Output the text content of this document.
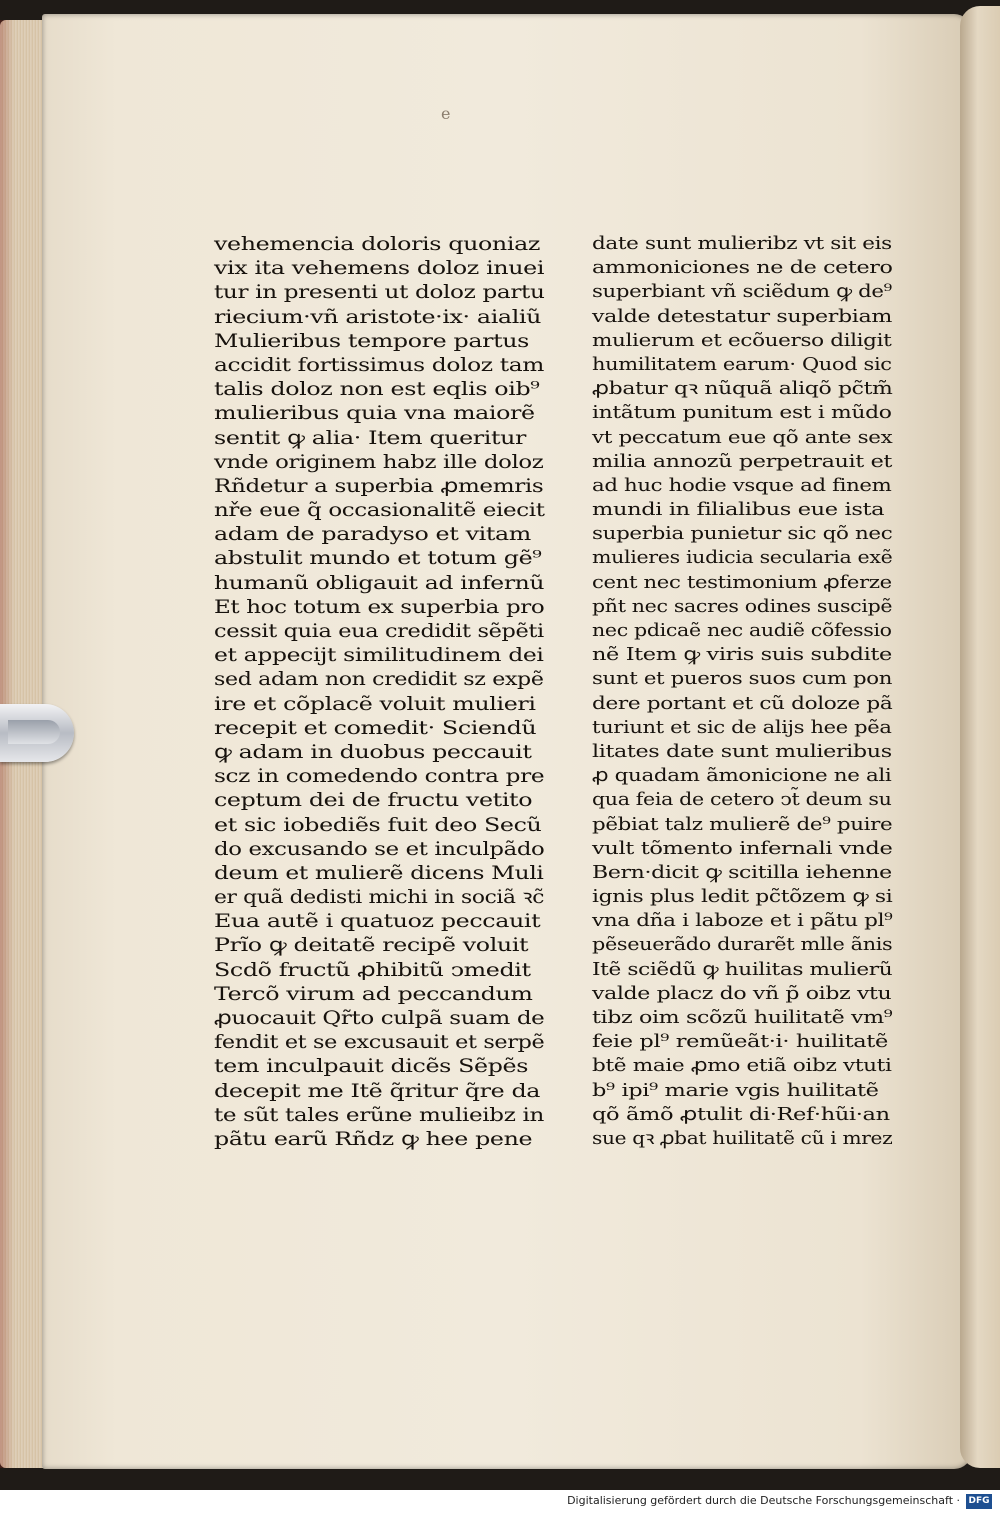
e
vehemencia doloris quoniaz
vix ita vehemens doloz inuei
tur in presenti ut doloz partu
riecium·vñ aristote·ix· aialiũ
Mulieribus tempore partus
accidit fortissimus doloz tam
talis doloz non est eqlis oib⁹
mulieribus quia vna maiorẽ
sentit ꝙ alia· Item queritur
vnde originem habz ille doloz
Rñdetur a superbia ꝓmemris
nře eue q̃ occasionalitẽ eiecit
adam de paradyso et vitam
abstulit mundo et totum gẽ⁹
humanũ obligauit ad infernũ
Et hoc totum ex superbia pro
cessit quia eua credidit sẽpẽti
et appecijt similitudinem dei
sed adam non credidit sz expẽ
ire et cõplacẽ voluit mulieri
recepit et comedit· Sciendũ
ꝙ adam in duobus peccauit
scz in comedendo contra pre
ceptum dei de fructu vetito
et sic iobediẽs fuit deo Secũ
do excusando se et inculpãdo
deum et mulierẽ dicens Muli
er quã dedisti michi in sociã ꝛc̃
Eua autẽ i quatuoz peccauit
Prĩo ꝙ deitatẽ recipẽ voluit
Scdõ fructũ ꝓhibitũ ↄmedit
Tercõ virum ad peccandum
ꝓuocauit Qr̃to culpã suam de
fendit et se excusauit et serpẽ
tem inculpauit dicẽs Sẽpẽs
decepit me Itẽ q̃ritur q̃re da
te sũt tales erũne mulieibz in
pãtu earũ Rñdz ꝙ hee pene
date sunt mulieribz vt sit eis
ammoniciones ne de cetero
superbiant vñ sciẽdum ꝙ de⁹
valde detestatur superbiam
mulierum et ecõuerso diligit
humilitatem earum· Quod sic
ꝓbatur qꝛ nũquã aliqõ pc̃tm̃
intãtum punitum est i mũdo
vt peccatum eue qõ ante sex
milia annozũ perpetrauit et
ad huc hodie vsque ad finem
mundi in filialibus eue ista
superbia punietur sic qõ nec
mulieres iudicia secularia exẽ
cent nec testimonium ꝓferze
pñt nec sacres odines suscipẽ
nec pdicaẽ nec audiẽ cõfessio
nẽ Item ꝙ viris suis subdite
sunt et pueros suos cum pon
dere portant et cũ doloze pã
turiunt et sic de alijs hee pẽa
litates date sunt mulieribus
ꝓ quadam ãmonicione ne ali
qua feia de cetero ↄt̃ deum su
pẽbiat talz mulierẽ de⁹ puire
vult tõmento infernali vnde
Bern·dicit ꝙ scitilla iehenne
ignis plus ledit pc̃tõzem ꝙ si
vna dña i laboze et i pãtu pl⁹
pẽseuerãdo durarẽt mlle ãnis
Itẽ sciẽdũ ꝙ huilitas mulierũ
valde placz do vñ p̃ oibz vtu
tibz oim scõzũ huilitatẽ vm⁹
feie pl⁹ remũeãt·i· huilitatẽ
btẽ maie ꝓmo etiã oibz vtuti
b⁹ ipi⁹ marie vgis huilitatẽ
qõ ãmõ ꝓtulit di·Ref·hũi·an
sue qꝛ ꝓbat huilitatẽ cũ i mrez
Digitalisierung gefördert durch die Deutsche Forschungsgemeinschaft · DFG
